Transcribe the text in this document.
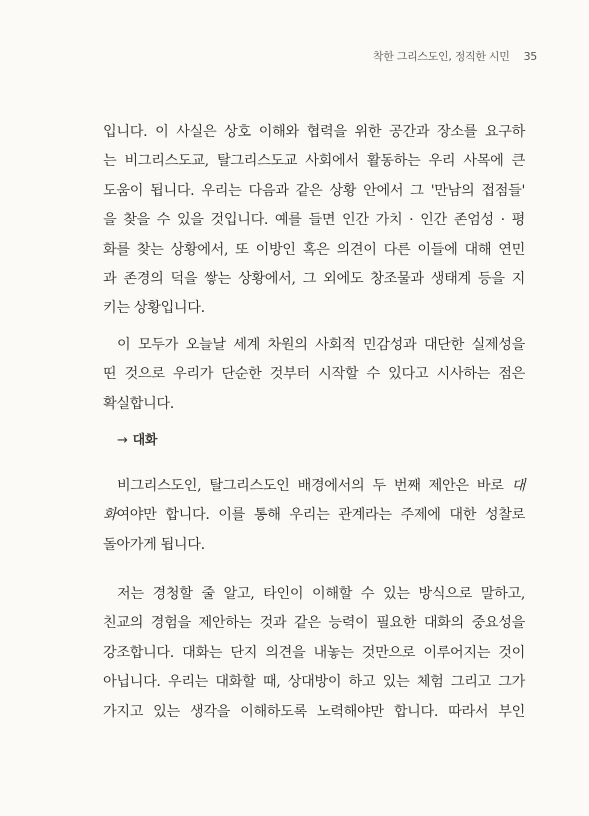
착한 그리스도인, 정직한 시민 35

입니다. 이 사실은 상호 이해와 협력을 위한 공간과 장소를 요구하
는 비그리스도교, 탈그리스도교 사회에서 활동하는 우리 사목에 큰
도움이 됩니다. 우리는 다음과 같은 상황 안에서 그 '만남의 접점들'
을 찾을 수 있을 것입니다. 예를 들면 인간 가치 · 인간 존엄성 · 평
화를 찾는 상황에서, 또 이방인 혹은 의견이 다른 이들에 대해 연민
과 존경의 덕을 쌓는 상황에서, 그 외에도 창조물과 생태계 등을 지
키는 상황입니다.

이 모두가 오늘날 세계 차원의 사회적 민감성과 대단한 실제성을
띤 것으로 우리가 단순한 것부터 시작할 수 있다고 시사하는 점은
확실합니다.

→ 대화

비그리스도인, 탈그리스도인 배경에서의 두 번째 제안은 바로 대
화여야만 합니다. 이를 통해 우리는 관계라는 주제에 대한 성찰로
돌아가게 됩니다.

저는 경청할 줄 알고, 타인이 이해할 수 있는 방식으로 말하고,
친교의 경험을 제안하는 것과 같은 능력이 필요한 대화의 중요성을
강조합니다. 대화는 단지 의견을 내놓는 것만으로 이루어지는 것이
아닙니다. 우리는 대화할 때, 상대방이 하고 있는 체험 그리고 그가
가지고 있는 생각을 이해하도록 노력해야만 합니다. 따라서 부인
